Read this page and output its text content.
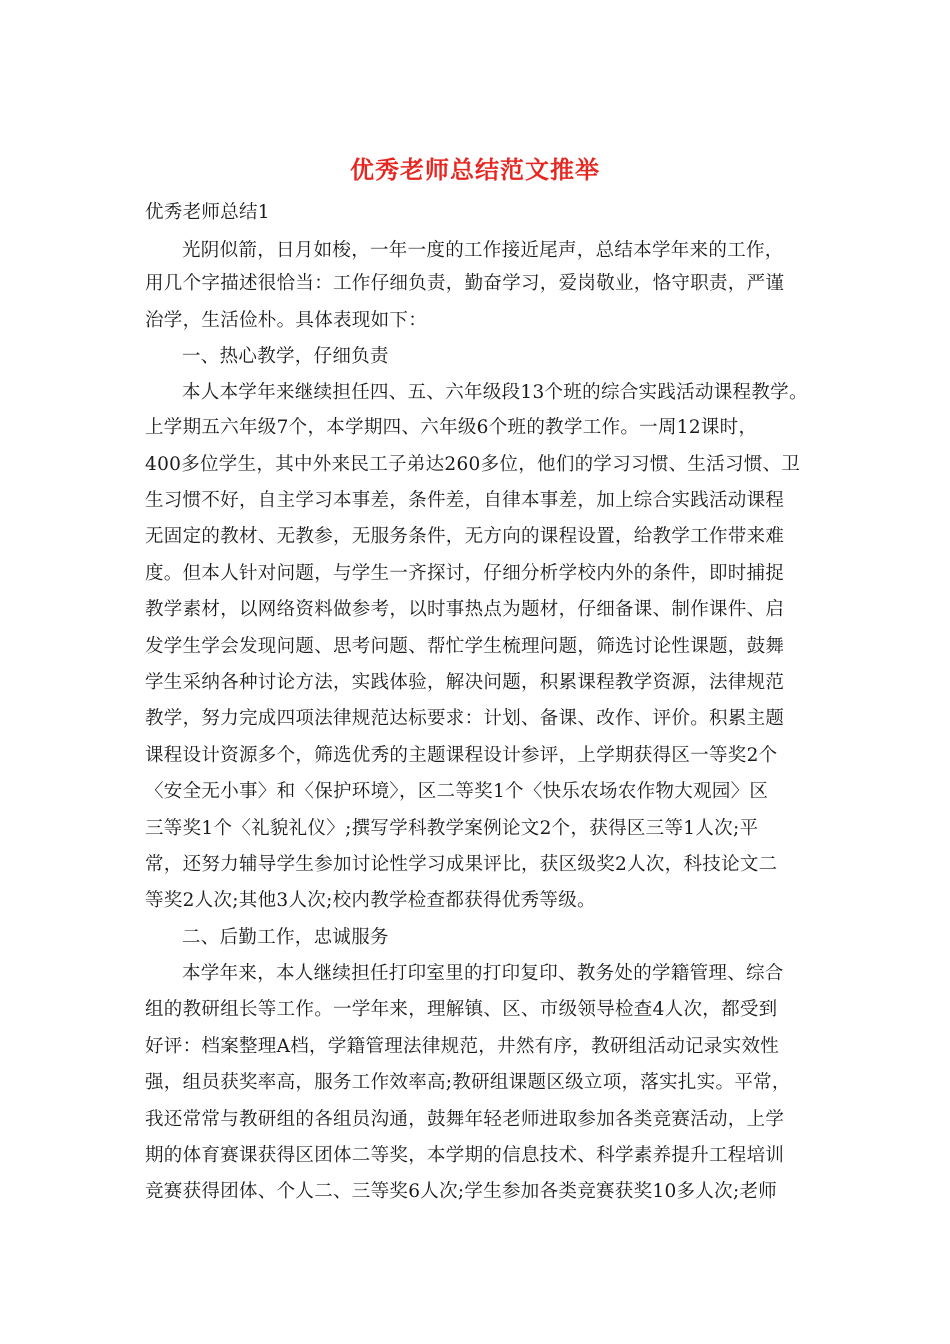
优秀老师总结范文推举
优秀老师总结1
光阴似箭，日月如梭，一年一度的工作接近尾声，总结本学年来的工作，
用几个字描述很恰当：工作仔细负责，勤奋学习，爱岗敬业，恪守职责，严谨
治学，生活俭朴。具体表现如下：
一、热心教学，仔细负责
本人本学年来继续担任四、五、六年级段13个班的综合实践活动课程教学。
上学期五六年级7个，本学期四、六年级6个班的教学工作。一周12课时，
400多位学生，其中外来民工子弟达260多位，他们的学习习惯、生活习惯、卫
生习惯不好，自主学习本事差，条件差，自律本事差，加上综合实践活动课程
无固定的教材、无教参，无服务条件，无方向的课程设置，给教学工作带来难
度。但本人针对问题，与学生一齐探讨，仔细分析学校内外的条件，即时捕捉
教学素材，以网络资料做参考，以时事热点为题材，仔细备课、制作课件、启
发学生学会发现问题、思考问题、帮忙学生梳理问题，筛选讨论性课题，鼓舞
学生采纳各种讨论方法，实践体验，解决问题，积累课程教学资源，法律规范
教学，努力完成四项法律规范达标要求：计划、备课、改作、评价。积累主题
课程设计资源多个，筛选优秀的主题课程设计参评，上学期获得区一等奖2个
〈安全无小事〉和〈保护环境〉，区二等奖1个〈快乐农场农作物大观园〉区
三等奖1个〈礼貌礼仪〉;撰写学科教学案例论文2个，获得区三等1人次;平
常，还努力辅导学生参加讨论性学习成果评比，获区级奖2人次，科技论文二
等奖2人次;其他3人次;校内教学检查都获得优秀等级。
二、后勤工作，忠诚服务
本学年来，本人继续担任打印室里的打印复印、教务处的学籍管理、综合
组的教研组长等工作。一学年来，理解镇、区、市级领导检查4人次，都受到
好评：档案整理A档，学籍管理法律规范，井然有序，教研组活动记录实效性
强，组员获奖率高，服务工作效率高;教研组课题区级立项，落实扎实。平常，
我还常常与教研组的各组员沟通，鼓舞年轻老师进取参加各类竞赛活动，上学
期的体育赛课获得区团体二等奖，本学期的信息技术、科学素养提升工程培训
竞赛获得团体、个人二、三等奖6人次;学生参加各类竞赛获奖10多人次;老师
